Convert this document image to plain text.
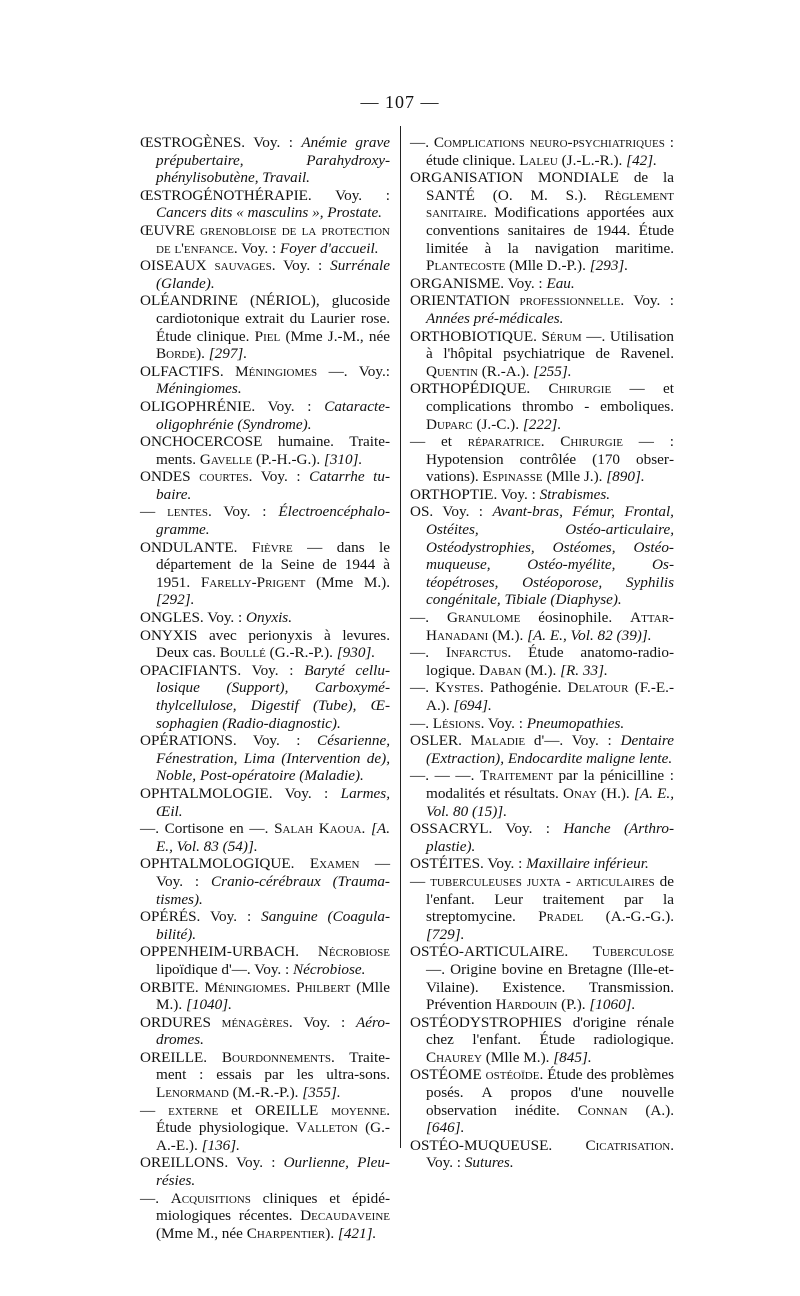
— 107 —

ŒSTROGÈNES. Voy. : Anémie grave prépubertaire, Parahydroxyphénylisobutène, Travail.

ŒSTROGÉNOTHÉRAPIE. Voy. : Cancers dits « masculins », Prostate.

ŒUVRE grenobloise de la protection de l'enfance. Voy. : Foyer d'accueil.

OISEAUX sauvages. Voy. : Surrénale (Glande).

OLÉANDRINE (NÉRIOL), glucoside cardiotonique extrait du Laurier rose. Étude clinique. Piel (Mme J.-M., née Borde). [297].

OLFACTIFS. Méningiomes —. Voy.: Méningiomes.

OLIGOPHRÉNIE. Voy. : Cataracteoligophrénie (Syndrome).

ONCHOCERCOSE humaine. Traitements. Gavelle (P.-H.-G.). [310].

ONDES courtes. Voy. : Catarrhe tubaire.

— lentes. Voy. : Électroencéphalogramme.

ONDULANTE. Fièvre — dans le département de la Seine de 1944 à 1951. Farelly-Prigent (Mme M.). [292].

ONGLES. Voy. : Onyxis.

ONYXIS avec perionyxis à levures. Deux cas. Boullé (G.-R.-P.). [930].

OPACIFIANTS. Voy. : Baryté cellulosique (Support), Carboxyméthylcellulose, Digestif (Tube), Œsophagien (Radio-diagnostic).

OPÉRATIONS. Voy. : Césarienne, Fénestration, Lima (Intervention de), Noble, Post-opératoire (Maladie).

OPHTALMOLOGIE. Voy. : Larmes, Œil.

—. Cortisone en —. Salah Kaoua. [A. E., Vol. 83 (54)].

OPHTALMOLOGIQUE. Examen — Voy. : Cranio-cérébraux (Traumatismes).

OPÉRÉS. Voy. : Sanguine (Coagulabilité).

OPPENHEIM-URBACH. Nécrobiose lipoïdique d'—. Voy. : Nécrobiose.

ORBITE. Méningiomes. Philbert (Mlle M.). [1040].

ORDURES ménagères. Voy. : Aérodromes.

OREILLE. Bourdonnements. Traitement : essais par les ultra-sons. Lenormand (M.-R.-P.). [355].

— externe et OREILLE moyenne. Étude physiologique. Valleton (G.-A.-E.). [136].

OREILLONS. Voy. : Ourlienne, Pleurésies.

—. Acquisitions cliniques et épidémiologiques récentes. Decaudaveine (Mme M., née Charpentier). [421].

—. Complications neuro-psychiatriques : étude clinique. Laleu (J.-L.-R.). [42].

ORGANISATION MONDIALE de la SANTÉ (O. M. S.). Règlement sanitaire. Modifications apportées aux conventions sanitaires de 1944. Étude limitée à la navigation maritime. Plantecoste (Mlle D.-P.). [293].

ORGANISME. Voy. : Eau.

ORIENTATION professionnelle. Voy. : Années pré-médicales.

ORTHOBIOTIQUE. Sérum —. Utilisation à l'hôpital psychiatrique de Ravenel. Quentin (R.-A.). [255].

ORTHOPÉDIQUE. Chirurgie — et complications thrombo - emboliques. Duparc (J.-C.). [222].

— et réparatrice. Chirurgie — : Hypotension contrôlée (170 observations). Espinasse (Mlle J.). [890].

ORTHOPTIE. Voy. : Strabismes.

OS. Voy. : Avant-bras, Fémur, Frontal, Ostéites, Ostéo-articulaire, Ostéodystrophies, Ostéomes, Ostéo-muqueuse, Ostéo-myélite, Ostéopétroses, Ostéoporose, Syphilis congénitale, Tibiale (Diaphyse).

—. Granulome éosinophile. Attar-Hanadani (M.). [A. E., Vol. 82 (39)].

—. Infarctus. Étude anatomo-radiologique. Daban (M.). [R. 33].

—. Kystes. Pathogénie. Delatour (F.-E.-A.). [694].

—. Lésions. Voy. : Pneumopathies.

OSLER. Maladie d'—. Voy. : Dentaire (Extraction), Endocardite maligne lente.

—. — —. Traitement par la pénicilline : modalités et résultats. Onay (H.). [A. E., Vol. 80 (15)].

OSSACRYL. Voy. : Hanche (Arthroplastie).

OSTÉITES. Voy. : Maxillaire inférieur.

— tuberculeuses juxta - articulaires de l'enfant. Leur traitement par la streptomycine. Pradel (A.-G.-G.). [729].

OSTÉO-ARTICULAIRE. Tuberculose —. Origine bovine en Bretagne (Ille-et-Vilaine). Existence. Transmission. Prévention Hardouin (P.). [1060].

OSTÉODYSTROPHIES d'origine rénale chez l'enfant. Étude radiologique. Chaurey (Mlle M.). [845].

OSTÉOME ostéoïde. Étude des problèmes posés. A propos d'une nouvelle observation inédite. Connan (A.). [646].

OSTÉO-MUQUEUSE. Cicatrisation. Voy. : Sutures.
